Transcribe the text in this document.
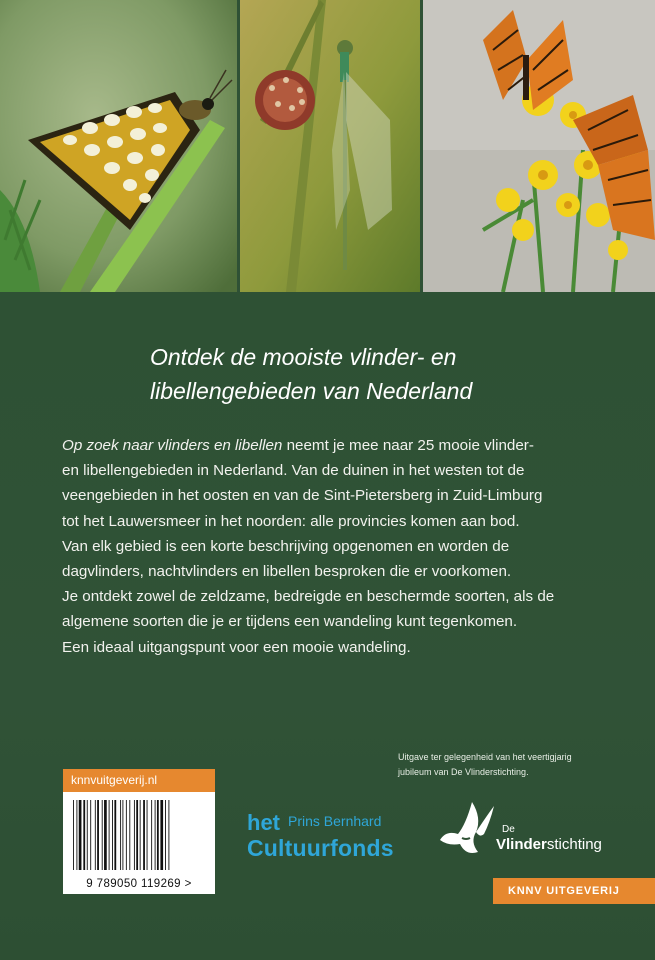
Ontdek de mooiste vlinder- en
libellengebieden van Nederland
Op zoek naar vlinders en libellen neemt je mee naar 25 mooie vlinder-
en libellengebieden in Nederland. Van de duinen in het westen tot de
veengebieden in het oosten en van de Sint-Pietersberg in Zuid-Limburg
tot het Lauwersmeer in het noorden: alle provincies komen aan bod.
Van elk gebied is een korte beschrijving opgenomen en worden de
dagvlinders, nachtvlinders en libellen besproken die er voorkomen.
Je ontdekt zowel de zeldzame, bedreigde en beschermde soorten, als de
algemene soorten die je er tijdens een wandeling kunt tegenkomen.
Een ideaal uitgangspunt voor een mooie wandeling.
Uitgave ter gelegenheid van het veertigjarig
jubileum van De Vlinderstichting.
knnvuitgeverij.nl
9 789050 119269 >
het Prins Bernhard
Cultuurfonds
De
Vlinderstichting
KNNV UITGEVERIJ
